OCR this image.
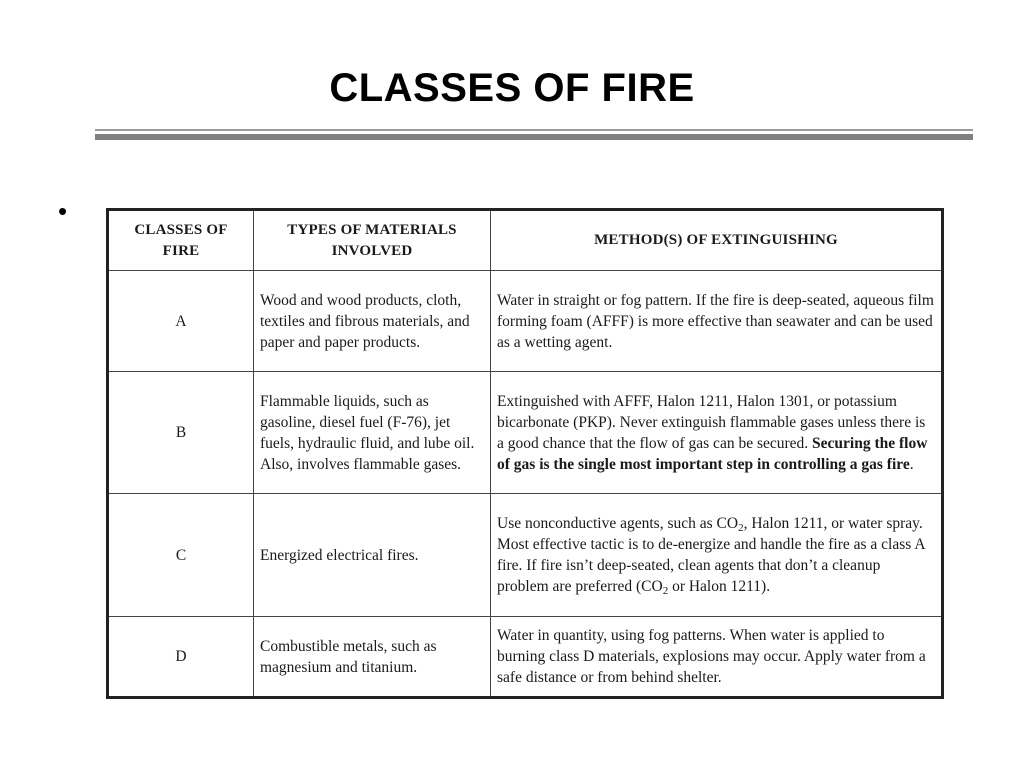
CLASSES OF FIRE
•
CLASSES OF FIRE	TYPES OF MATERIALS INVOLVED	METHOD(S) OF EXTINGUISHING
A	Wood and wood products, cloth, textiles and fibrous materials, and paper and paper products.	Water in straight or fog pattern. If the fire is deep-seated, aqueous film forming foam (AFFF) is more effective than seawater and can be used as a wetting agent.
B	Flammable liquids, such as gasoline, diesel fuel (F-76), jet fuels, hydraulic fluid, and lube oil. Also, involves flammable gases.	Extinguished with AFFF, Halon 1211, Halon 1301, or potassium bicarbonate (PKP). Never extinguish flammable gases unless there is a good chance that the flow of gas can be secured. Securing the flow of gas is the single most important step in controlling a gas fire.
C	Energized electrical fires.	Use nonconductive agents, such as $CO_2$, Halon 1211, or water spray. Most effective tactic is to de-energize and handle the fire as a class A fire. If fire isn’t deep-seated, clean agents that don’t a cleanup problem are preferred ($CO_2$ or Halon 1211).
D	Combustible metals, such as magnesium and titanium.	Water in quantity, using fog patterns. When water is applied to burning class D materials, explosions may occur. Apply water from a safe distance or from behind shelter.
